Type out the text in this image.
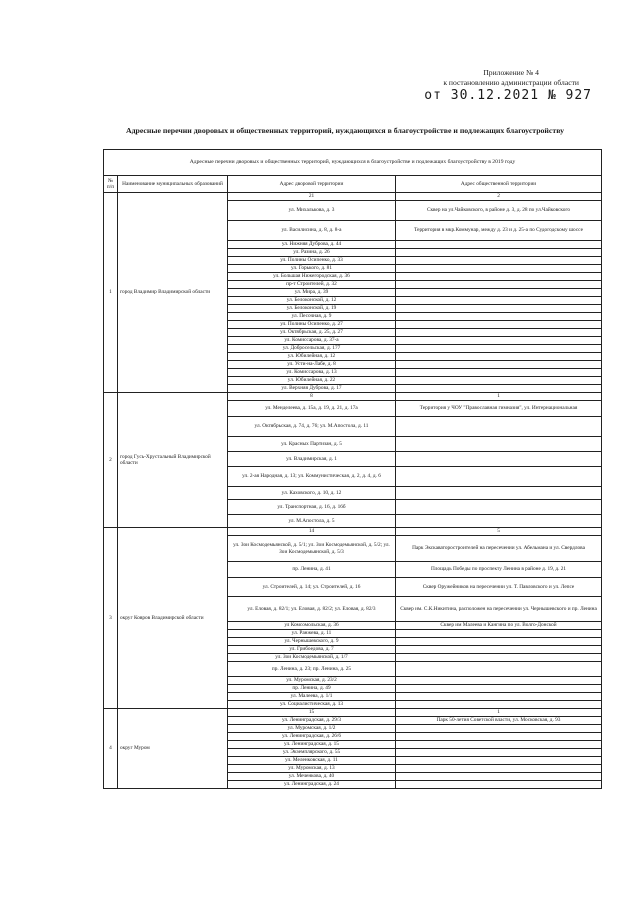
Приложение № 4
к постановлению администрации области
от 30.12.2021 № 927
Адресные перечни дворовых и общественных территорий, нуждающихся в благоустройстве и подлежащих благоустройству
Адресные перечни дворовых и общественных территорий, нуждающихся в благоустройстве и подлежащих благоустройству в 2019 году			
№ п/п	Наименование муниципальных образований	Адрес дворовой территории	Адрес общественной территории
1	город Владимир Владимирской области	21	2
		ул. Михальковa, д. 3	Сквер на ул.Чайковского, в районе д. 3, д. 28 по ул.Чайковского
		ул. Василисина, д. 8, д. 8-а	Территория в мкр.Коммунар, между д. 23 и д. 25-а по Судогодскому шоссе
		ул. Нижняя Дуброва, д. 44	
		ул. Разина, д. 26	
		ул. Полины Осипенко, д. 33	
		ул. Горького, д. 81	
		ул. Большая Нижегородская, д. 36	
		пр-т Строителей, д. 32	
		ул. Мира, д. 39	
		ул. Белоконской, д. 12	
		ул. Белоконской, д. 19	
		ул. Песочная, д. 9	
		ул. Полины Осипенко, д. 27	
		ул. Октябрьская, д. 25, д. 27	
		ул. Комиссарова, д. 37-а	
		ул. Добросельская, д. 177	
		ул. Юбилейная, д. 12	
		ул. Усти-на-Лабе, д. 8	
		ул. Комиссарова, д. 13	
		ул. Юбилейная, д. 22	
		ул. Верхняя Дуброва, д. 17	
2	город Гусь-Хрустальный Владимирской области	8	1
		ул. Менделеева, д. 15а, д. 19, д. 21, д. 17а	Территория у ЧОУ "Православная гимназия", ул. Интернациональная
		ул. Октябрьская, д. 74, д. 76; ул. М.Апостола, д. 11	
		ул. Красных Партизан, д. 5	
		ул. Владимирская, д. 1	
		ул. 2-ая Народная, д. 13; ул. Коммунистическая, д. 2, д. 4, д. 6	
		ул. Каховского, д. 10, д. 12	
		ул. Транспортная, д. 16, д. 16б	
		ул. М.Апостола, д. 5	
3	округ Ковров Владимирской области	14	5
		ул. Зои Космодемьянской, д. 5/1; ул. Зои Космодемьянской, д. 5/2; ул. Зои Космодемьянской, д. 5/3	Парк Экскаваторостроителей на пересечении ул. Абельмана и ул. Свердлова
		пр. Ленина, д. 41	Площадь Победы по проспекту Ленина в районе д. 19, д. 21
		ул. Строителей, д. 14; ул. Строителей, д. 16	Сквер Оружейников на пересечении ул. Т. Павловского и ул. Лепсе
		ул. Еловая, д. 82/1; ул. Еловая, д. 82/2; ул. Еловая, д. 82/3	Сквер им. С.К.Никитина, расположен на пересечении ул. Чернышевского и пр. Ленина
		ул Комсомольская, д. 36	Сквер им Малеева и Кангина по ул. Волго-Донской
		ул. Ранжева, д. 11	
		ул. Чернышевского, д. 9	
		ул. Грибоедова, д. 7	
		ул. Зои Космодемьянской, д. 1/7	
		пр. Ленина, д. 23; пр. Ленина, д. 25	
		ул. Муромская, д. 23/2	
		пр. Ленина, д. 49	
		ул. Малеева, д. 1/1	
		ул. Социалистическая, д. 13	
4	округ Муром	15	1
		ул. Ленинградская, д. 29/3	Парк 50-летия Советской власти, ул. Московская, д. 93
		ул. Муромская, д. 1/2	
		ул. Ленинградская, д. 26/6	
		ул. Ленинградская, д. 15	
		ул. Экземплярского, д. 55	
		ул. Меленковская, д. 11	
		ул. Муромская, д. 13	
		ул. Меченкова, д. 40	
		ул. Ленинградская, д. 24	
